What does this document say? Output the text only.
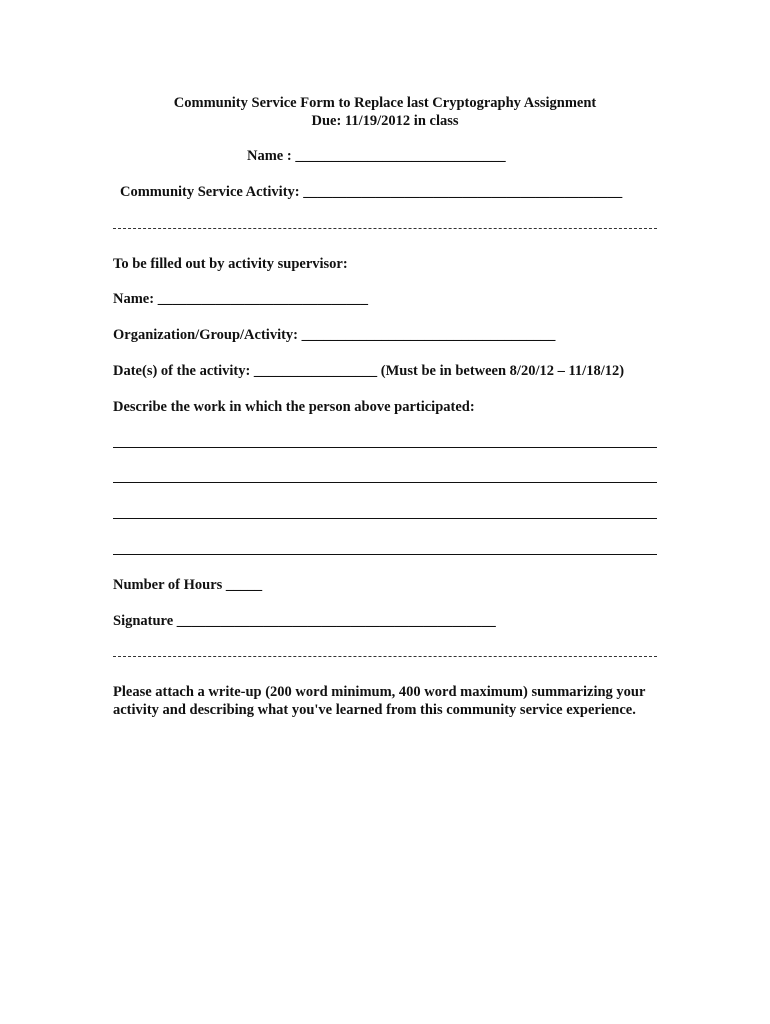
Community Service Form to Replace last Cryptography Assignment
Due: 11/19/2012 in class
Name : _____________________________
Community Service Activity: ____________________________________________
To be filled out by activity supervisor:
Name: _____________________________
Organization/Group/Activity: ___________________________________
Date(s) of the activity: _________________ (Must be in between 8/20/12 – 11/18/12)
Describe the work in which the person above participated:
Number of Hours _____
Signature ____________________________________________
Please attach a write-up (200 word minimum, 400 word maximum) summarizing your activity and describing what you've learned from this community service experience.
